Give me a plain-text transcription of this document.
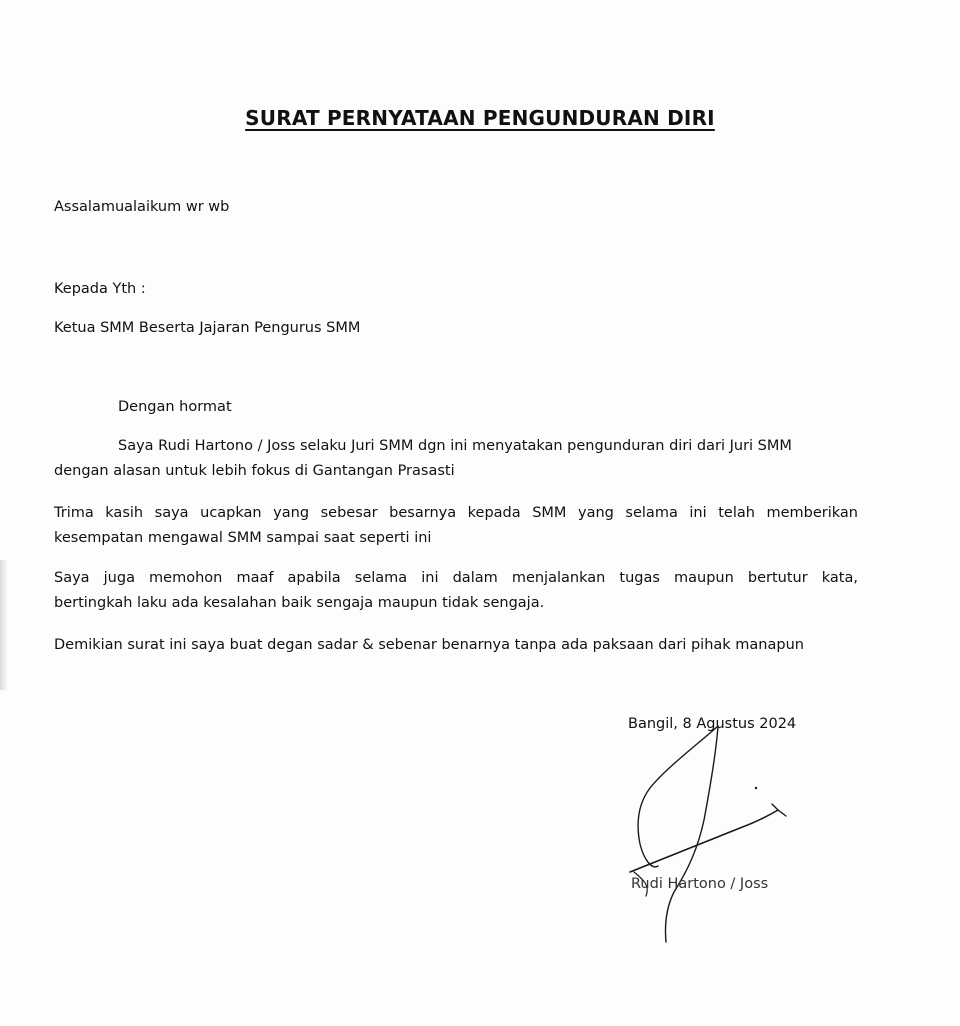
SURAT PERNYATAAN PENGUNDURAN DIRI
Assalamualaikum wr wb
Kepada Yth :
Ketua SMM Beserta Jajaran Pengurus SMM
Dengan hormat
Saya Rudi Hartono / Joss selaku Juri SMM dgn ini menyatakan pengunduran diri dari Juri SMM
dengan alasan untuk lebih fokus di Gantangan Prasasti
Trima kasih saya ucapkan yang sebesar besarnya kepada SMM yang selama ini telah memberikan
kesempatan mengawal SMM sampai saat seperti ini
Saya juga memohon maaf apabila selama ini dalam menjalankan tugas maupun bertutur kata,
bertingkah laku ada kesalahan baik sengaja maupun tidak sengaja.
Demikian surat ini saya buat degan sadar & sebenar benarnya tanpa ada paksaan dari pihak manapun
Bangil, 8 Agustus 2024
Rudi Hartono / Joss
